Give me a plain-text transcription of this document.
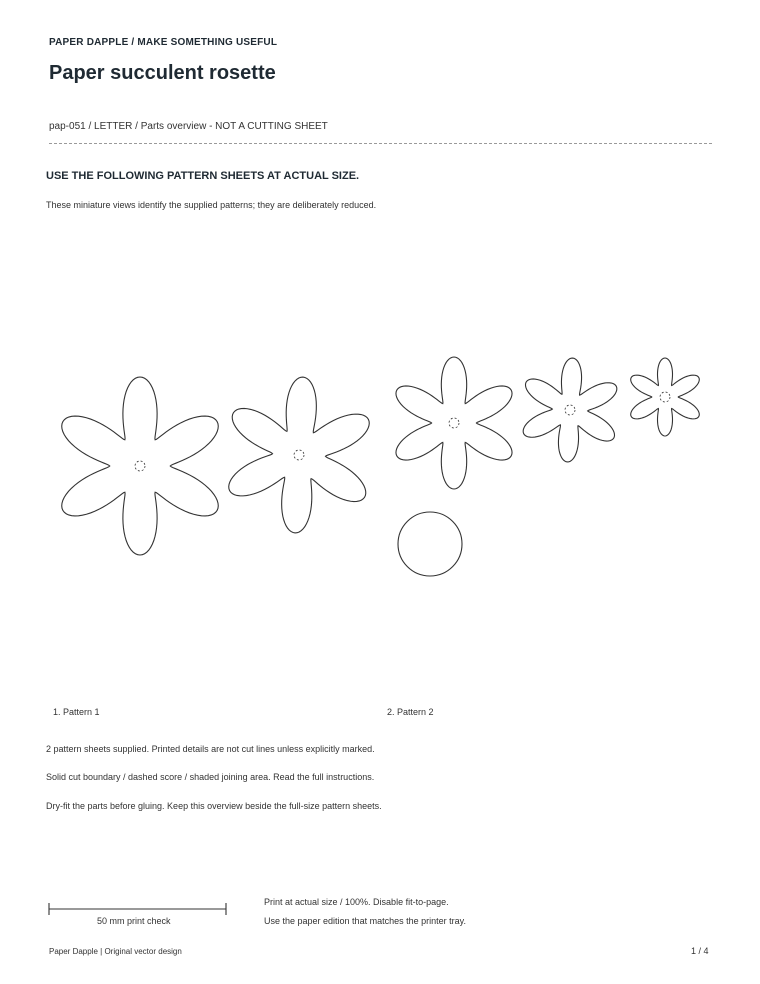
PAPER DAPPLE / MAKE SOMETHING USEFUL
Paper succulent rosette
pap-051 / LETTER / Parts overview - NOT A CUTTING SHEET
USE THE FOLLOWING PATTERN SHEETS AT ACTUAL SIZE.
These miniature views identify the supplied patterns; they are deliberately reduced.
1. Pattern 1	2. Pattern 2
2 pattern sheets supplied. Printed details are not cut lines unless explicitly marked.
Solid cut boundary / dashed score / shaded joining area. Read the full instructions.
Dry-fit the parts before gluing. Keep this overview beside the full-size pattern sheets.
50 mm print check
Print at actual size / 100%. Disable fit-to-page.
Use the paper edition that matches the printer tray.
Paper Dapple | Original vector design	1 / 4
